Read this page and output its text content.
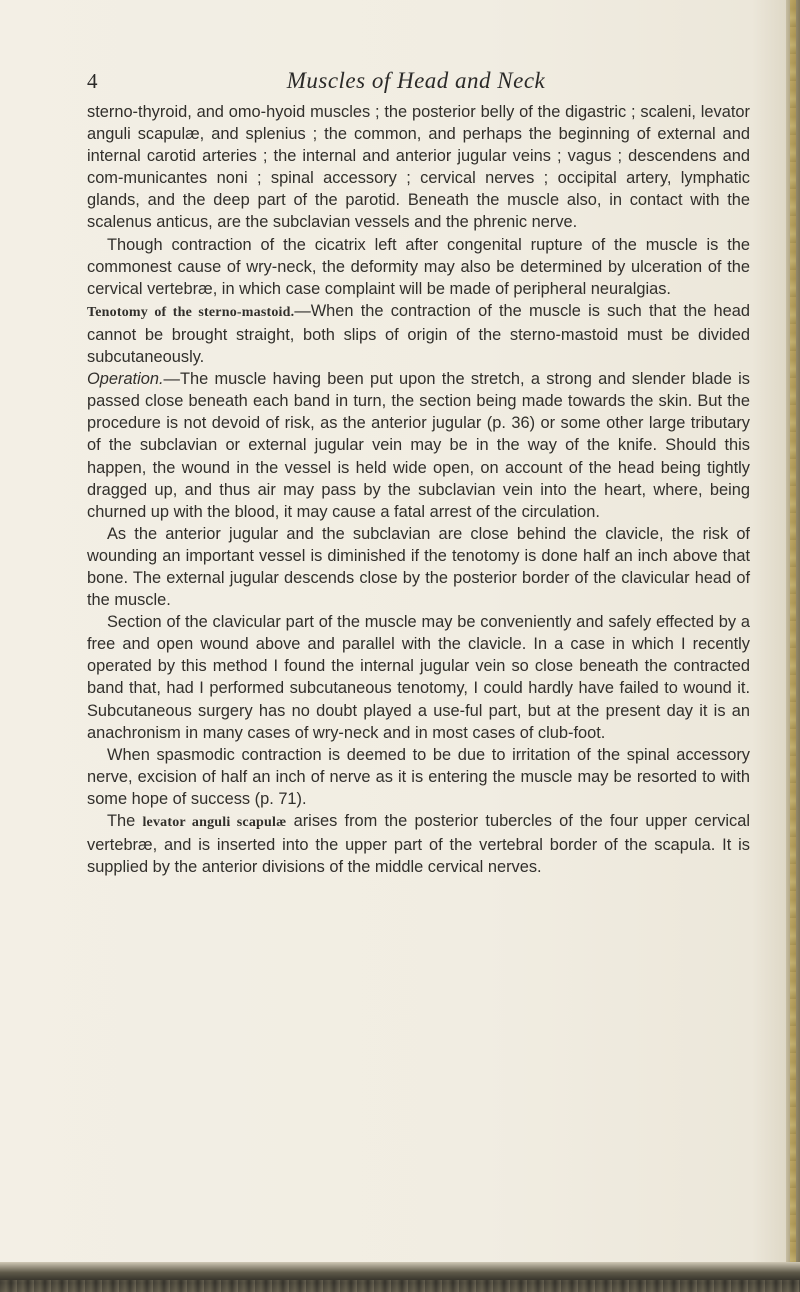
4	Muscles of Head and Neck

sterno-thyroid, and omo-hyoid muscles ; the posterior belly of the digastric ; scaleni, levator anguli scapulæ, and splenius ; the common, and perhaps the beginning of external and internal carotid arteries ; the internal and anterior jugular veins ; vagus ; descendens and com-municantes noni ; spinal accessory ; cervical nerves ; occipital artery, lymphatic glands, and the deep part of the parotid. Beneath the muscle also, in contact with the scalenus anticus, are the subclavian vessels and the phrenic nerve.

Though contraction of the cicatrix left after congenital rupture of the muscle is the commonest cause of wry-neck, the deformity may also be determined by ulceration of the cervical vertebræ, in which case complaint will be made of peripheral neuralgias.

Tenotomy of the sterno-mastoid.—When the contraction of the muscle is such that the head cannot be brought straight, both slips of origin of the sterno-mastoid must be divided subcutaneously.

Operation.—The muscle having been put upon the stretch, a strong and slender blade is passed close beneath each band in turn, the section being made towards the skin. But the procedure is not devoid of risk, as the anterior jugular (p. 36) or some other large tributary of the subclavian or external jugular vein may be in the way of the knife. Should this happen, the wound in the vessel is held wide open, on account of the head being tightly dragged up, and thus air may pass by the subclavian vein into the heart, where, being churned up with the blood, it may cause a fatal arrest of the circulation.

As the anterior jugular and the subclavian are close behind the clavicle, the risk of wounding an important vessel is diminished if the tenotomy is done half an inch above that bone. The external jugular descends close by the posterior border of the clavicular head of the muscle.

Section of the clavicular part of the muscle may be conveniently and safely effected by a free and open wound above and parallel with the clavicle. In a case in which I recently operated by this method I found the internal jugular vein so close beneath the contracted band that, had I performed subcutaneous tenotomy, I could hardly have failed to wound it. Subcutaneous surgery has no doubt played a use-ful part, but at the present day it is an anachronism in many cases of wry-neck and in most cases of club-foot.

When spasmodic contraction is deemed to be due to irritation of the spinal accessory nerve, excision of half an inch of nerve as it is entering the muscle may be resorted to with some hope of success (p. 71).

The levator anguli scapulæ arises from the posterior tubercles of the four upper cervical vertebræ, and is inserted into the upper part of the vertebral border of the scapula. It is supplied by the anterior divisions of the middle cervical nerves.
